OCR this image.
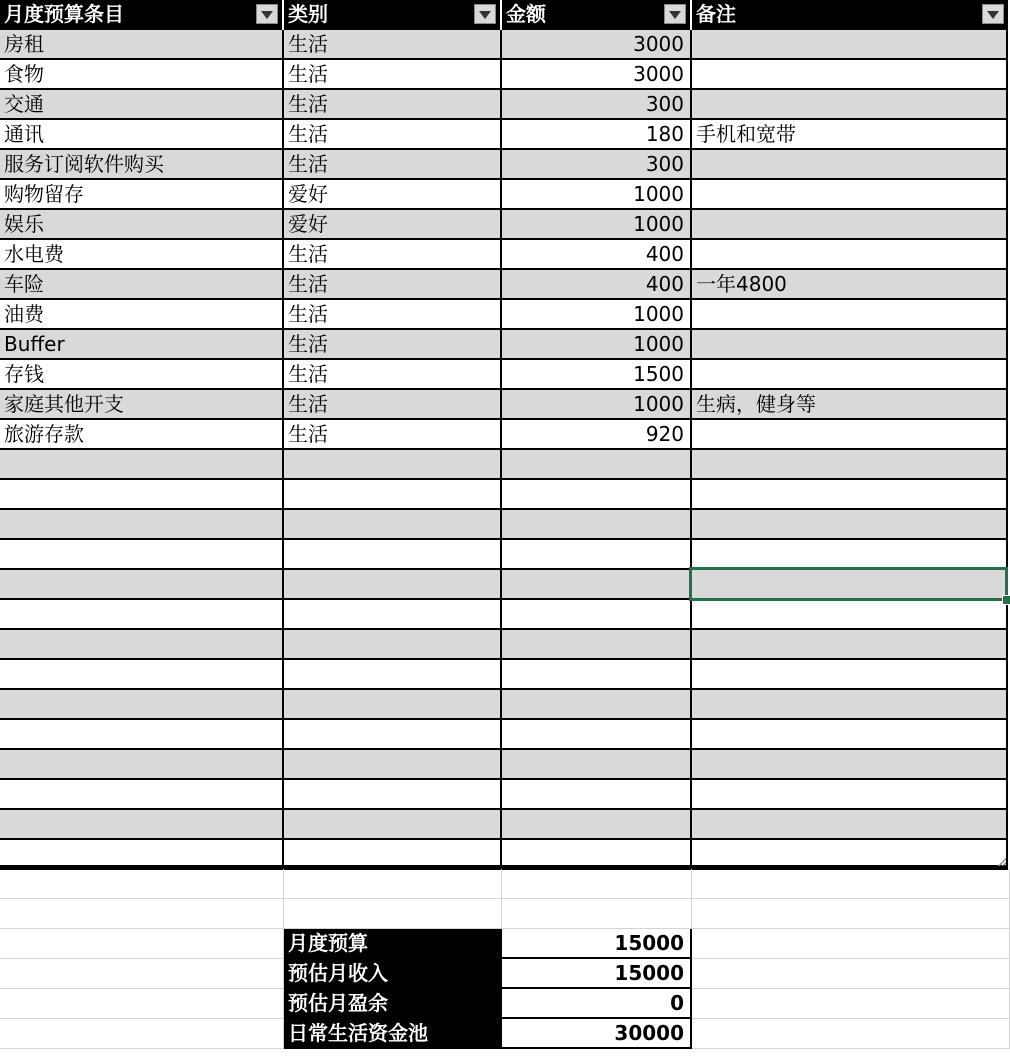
月度预算条目	类别	金额	备注
房租	生活	3000
食物	生活	3000
交通	生活	300
通讯	生活	180 手机和宽带
服务订阅软件购买	生活	300
购物留存	爱好	1000
娱乐	爱好	1000
水电费	生活	400
车险	生活	400 一年4800
油费	生活	1000
Buffer	生活	1000
存钱	生活	1500
家庭其他开支	生活	1000 生病，健身等
旅游存款	生活	920
月度预算	15000
预估月收入	15000
预估月盈余	0
日常生活资金池	30000
